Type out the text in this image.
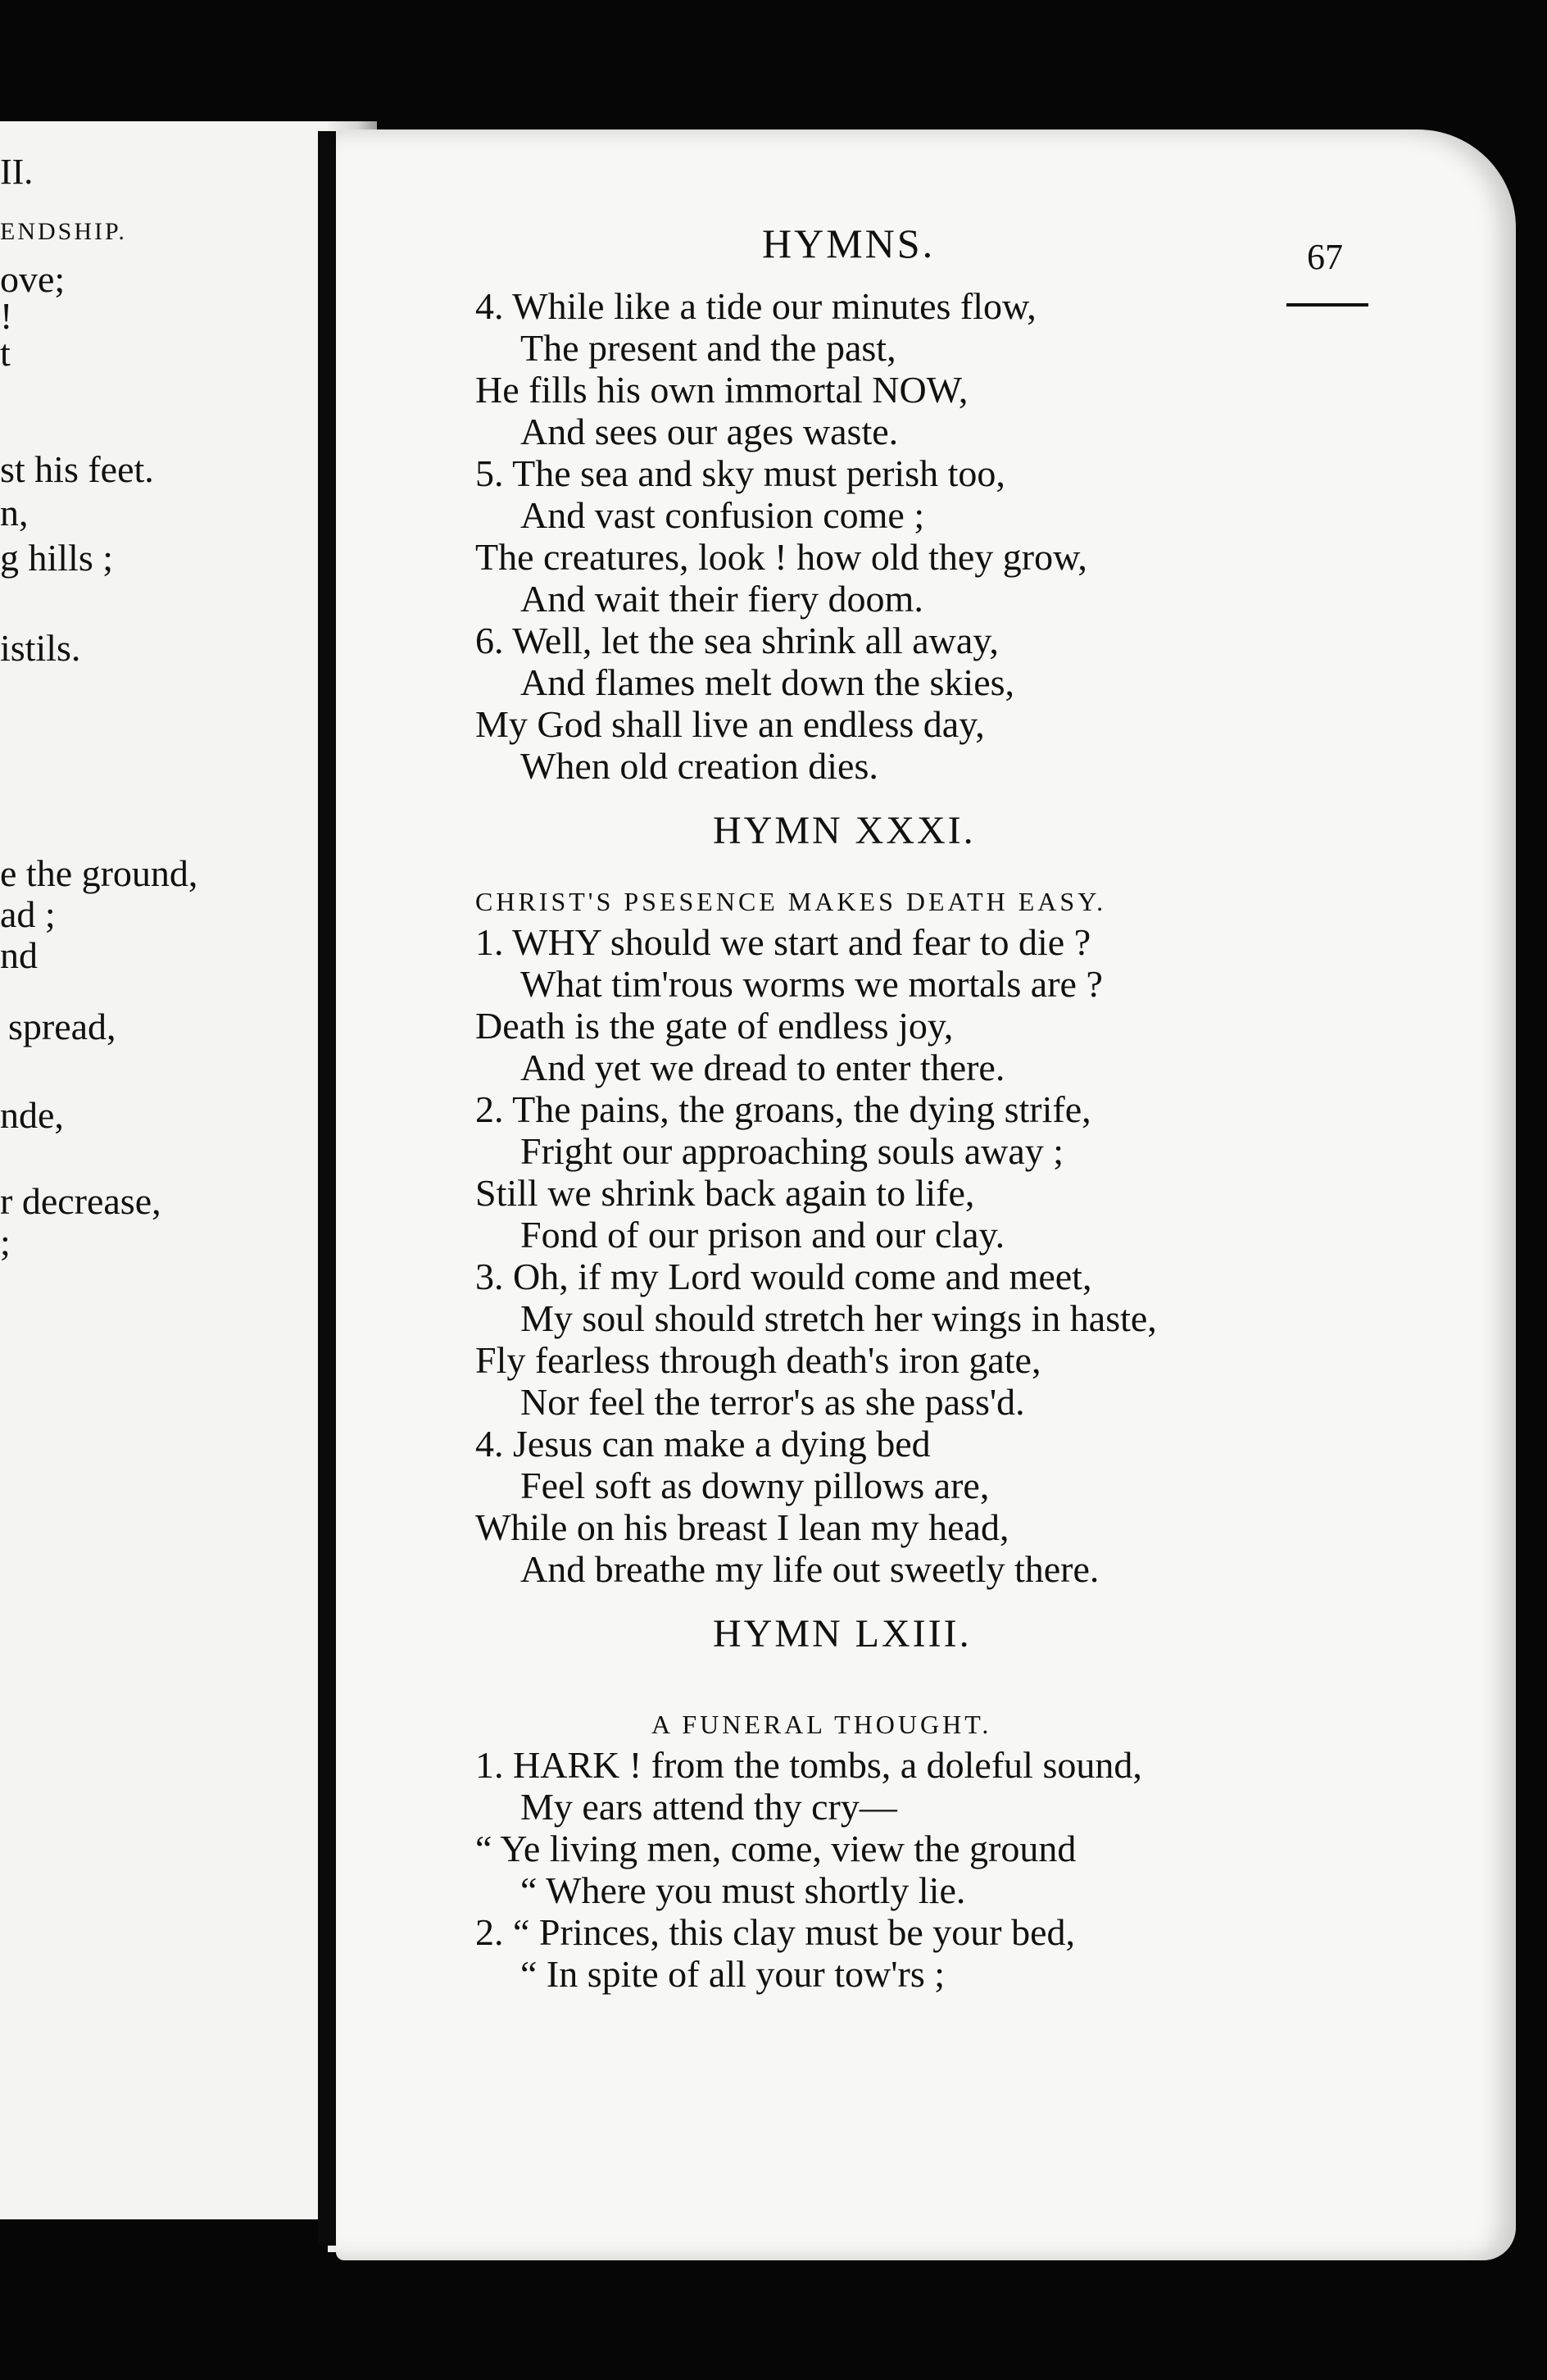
II.
ENDSHIP.
ove;
!
t
st his feet.
n,
g hills ;
istils.
e the ground,
ad ;
nd
spread,
nde,
r decrease,
;
HYMNS.	67
4. While like a tide our minutes flow,
The present and the past,
He fills his own immortal NOW,
And sees our ages waste.
5. The sea and sky must perish too,
And vast confusion come ;
The creatures, look ! how old they grow,
And wait their fiery doom.
6. Well, let the sea shrink all away,
And flames melt down the skies,
My God shall live an endless day,
When old creation dies.
HYMN XXXI.
CHRIST'S PSESENCE MAKES DEATH EASY.
1. WHY should we start and fear to die ?
What tim'rous worms we mortals are ?
Death is the gate of endless joy,
And yet we dread to enter there.
2. The pains, the groans, the dying strife,
Fright our approaching souls away ;
Still we shrink back again to life,
Fond of our prison and our clay.
3. Oh, if my Lord would come and meet,
My soul should stretch her wings in haste,
Fly fearless through death's iron gate,
Nor feel the terror's as she pass'd.
4. Jesus can make a dying bed
Feel soft as downy pillows are,
While on his breast I lean my head,
And breathe my life out sweetly there.
HYMN LXIII.
A FUNERAL THOUGHT.
1. HARK ! from the tombs, a doleful sound,
My ears attend thy cry—
“ Ye living men, come, view the ground
“ Where you must shortly lie.
2. “ Princes, this clay must be your bed,
“ In spite of all your tow'rs ;
